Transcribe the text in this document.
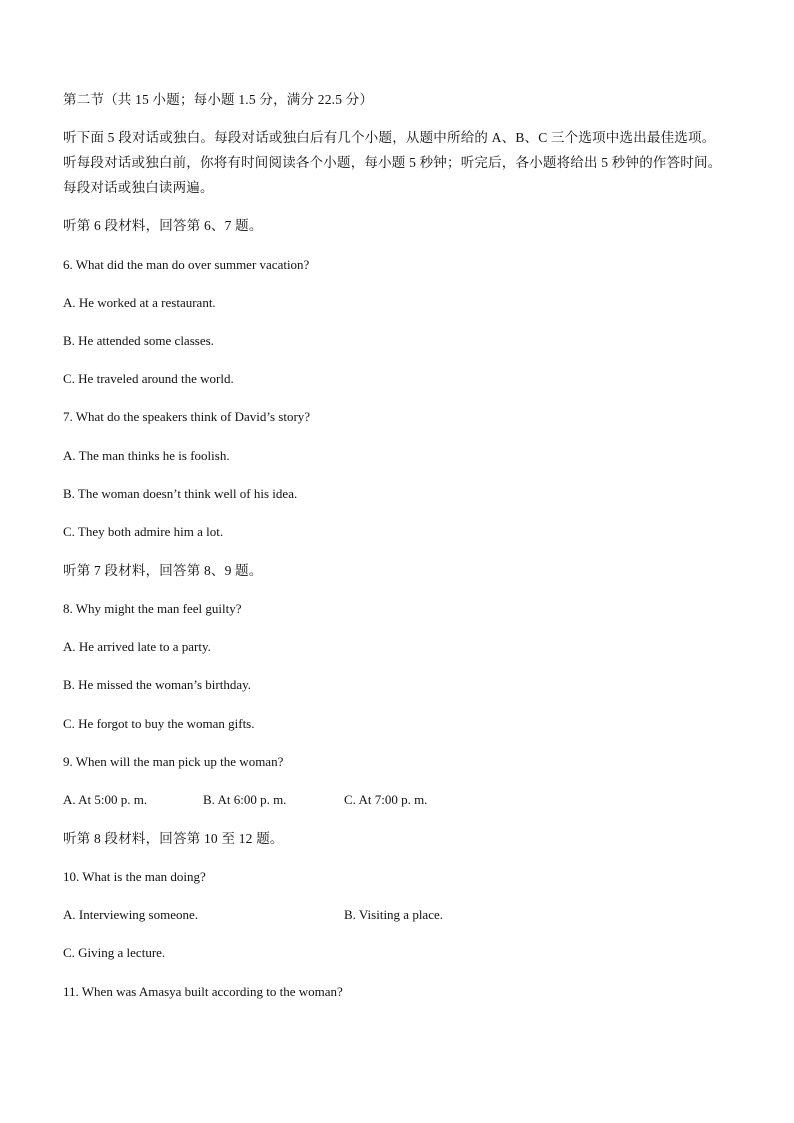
第二节（共 15 小题；每小题 1.5 分，满分 22.5 分）
听下面 5 段对话或独白。每段对话或独白后有几个小题，从题中所给的 A、B、C 三个选项中选出最佳选项。
听每段对话或独白前，你将有时间阅读各个小题，每小题 5 秒钟；听完后，各小题将给出 5 秒钟的作答时间。
每段对话或独白读两遍。
听第 6 段材料，回答第 6、7 题。
6. What did the man do over summer vacation?
A. He worked at a restaurant.
B. He attended some classes.
C. He traveled around the world.
7. What do the speakers think of David’s story?
A. The man thinks he is foolish.
B. The woman doesn’t think well of his idea.
C. They both admire him a lot.
听第 7 段材料，回答第 8、9 题。
8. Why might the man feel guilty?
A. He arrived late to a party.
B. He missed the woman’s birthday.
C. He forgot to buy the woman gifts.
9. When will the man pick up the woman?
A. At 5:00 p. m.	B. At 6:00 p. m.	C. At 7:00 p. m.
听第 8 段材料，回答第 10 至 12 题。
10. What is the man doing?
A. Interviewing someone.	B. Visiting a place.
C. Giving a lecture.
11. When was Amasya built according to the woman?
